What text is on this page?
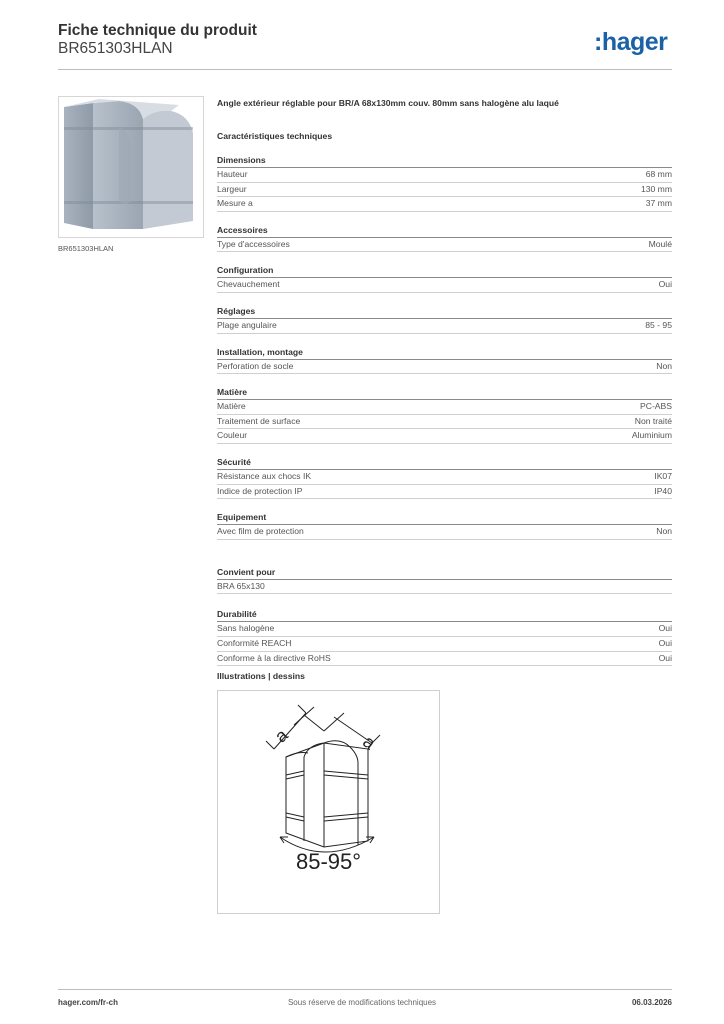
Fiche technique du produit
BR651303HLAN	:hager
BR651303HLAN
Angle extérieur réglable pour BR/A 68x130mm couv. 80mm sans halogène alu laqué
Caractéristiques techniques
Dimensions
Hauteur	68 mm
Largeur	130 mm
Mesure a	37 mm
Accessoires
Type d'accessoires	Moulé
Configuration
Chevauchement	Oui
Réglages
Plage angulaire	85 - 95
Installation, montage
Perforation de socle	Non
Matière
Matière	PC-ABS
Traitement de surface	Non traité
Couleur	Aluminium
Sécurité
Résistance aux chocs IK	IK07
Indice de protection IP	IP40
Equipement
Avec film de protection	Non
Convient pour
BRA 65x130
Durabilité
Sans halogène	Oui
Conformité REACH	Oui
Conforme à la directive RoHS	Oui
Illustrations | dessins
a	a
85-95°
hager.com/fr-ch	Sous réserve de modifications techniques	06.03.2026
